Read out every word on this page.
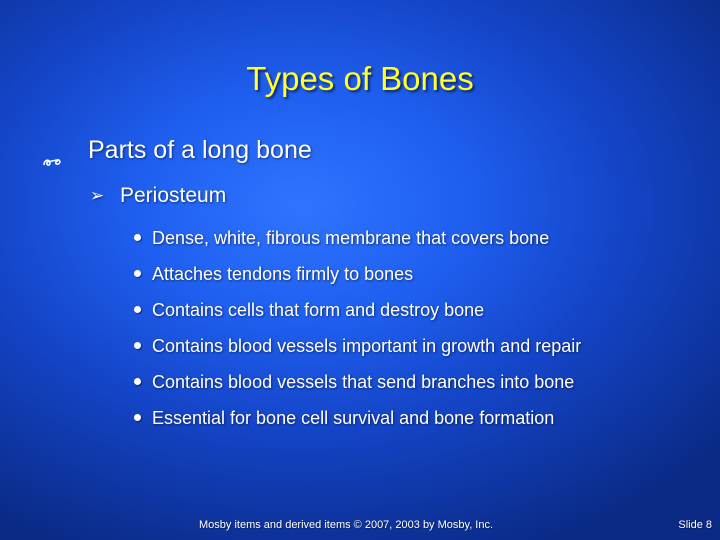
Types of Bones
Parts of a long bone
➢ Periosteum
Dense, white, fibrous membrane that covers bone
Attaches tendons firmly to bones
Contains cells that form and destroy bone
Contains blood vessels important in growth and repair
Contains blood vessels that send branches into bone
Essential for bone cell survival and bone formation
Mosby items and derived items © 2007, 2003 by Mosby, Inc.	Slide 8
